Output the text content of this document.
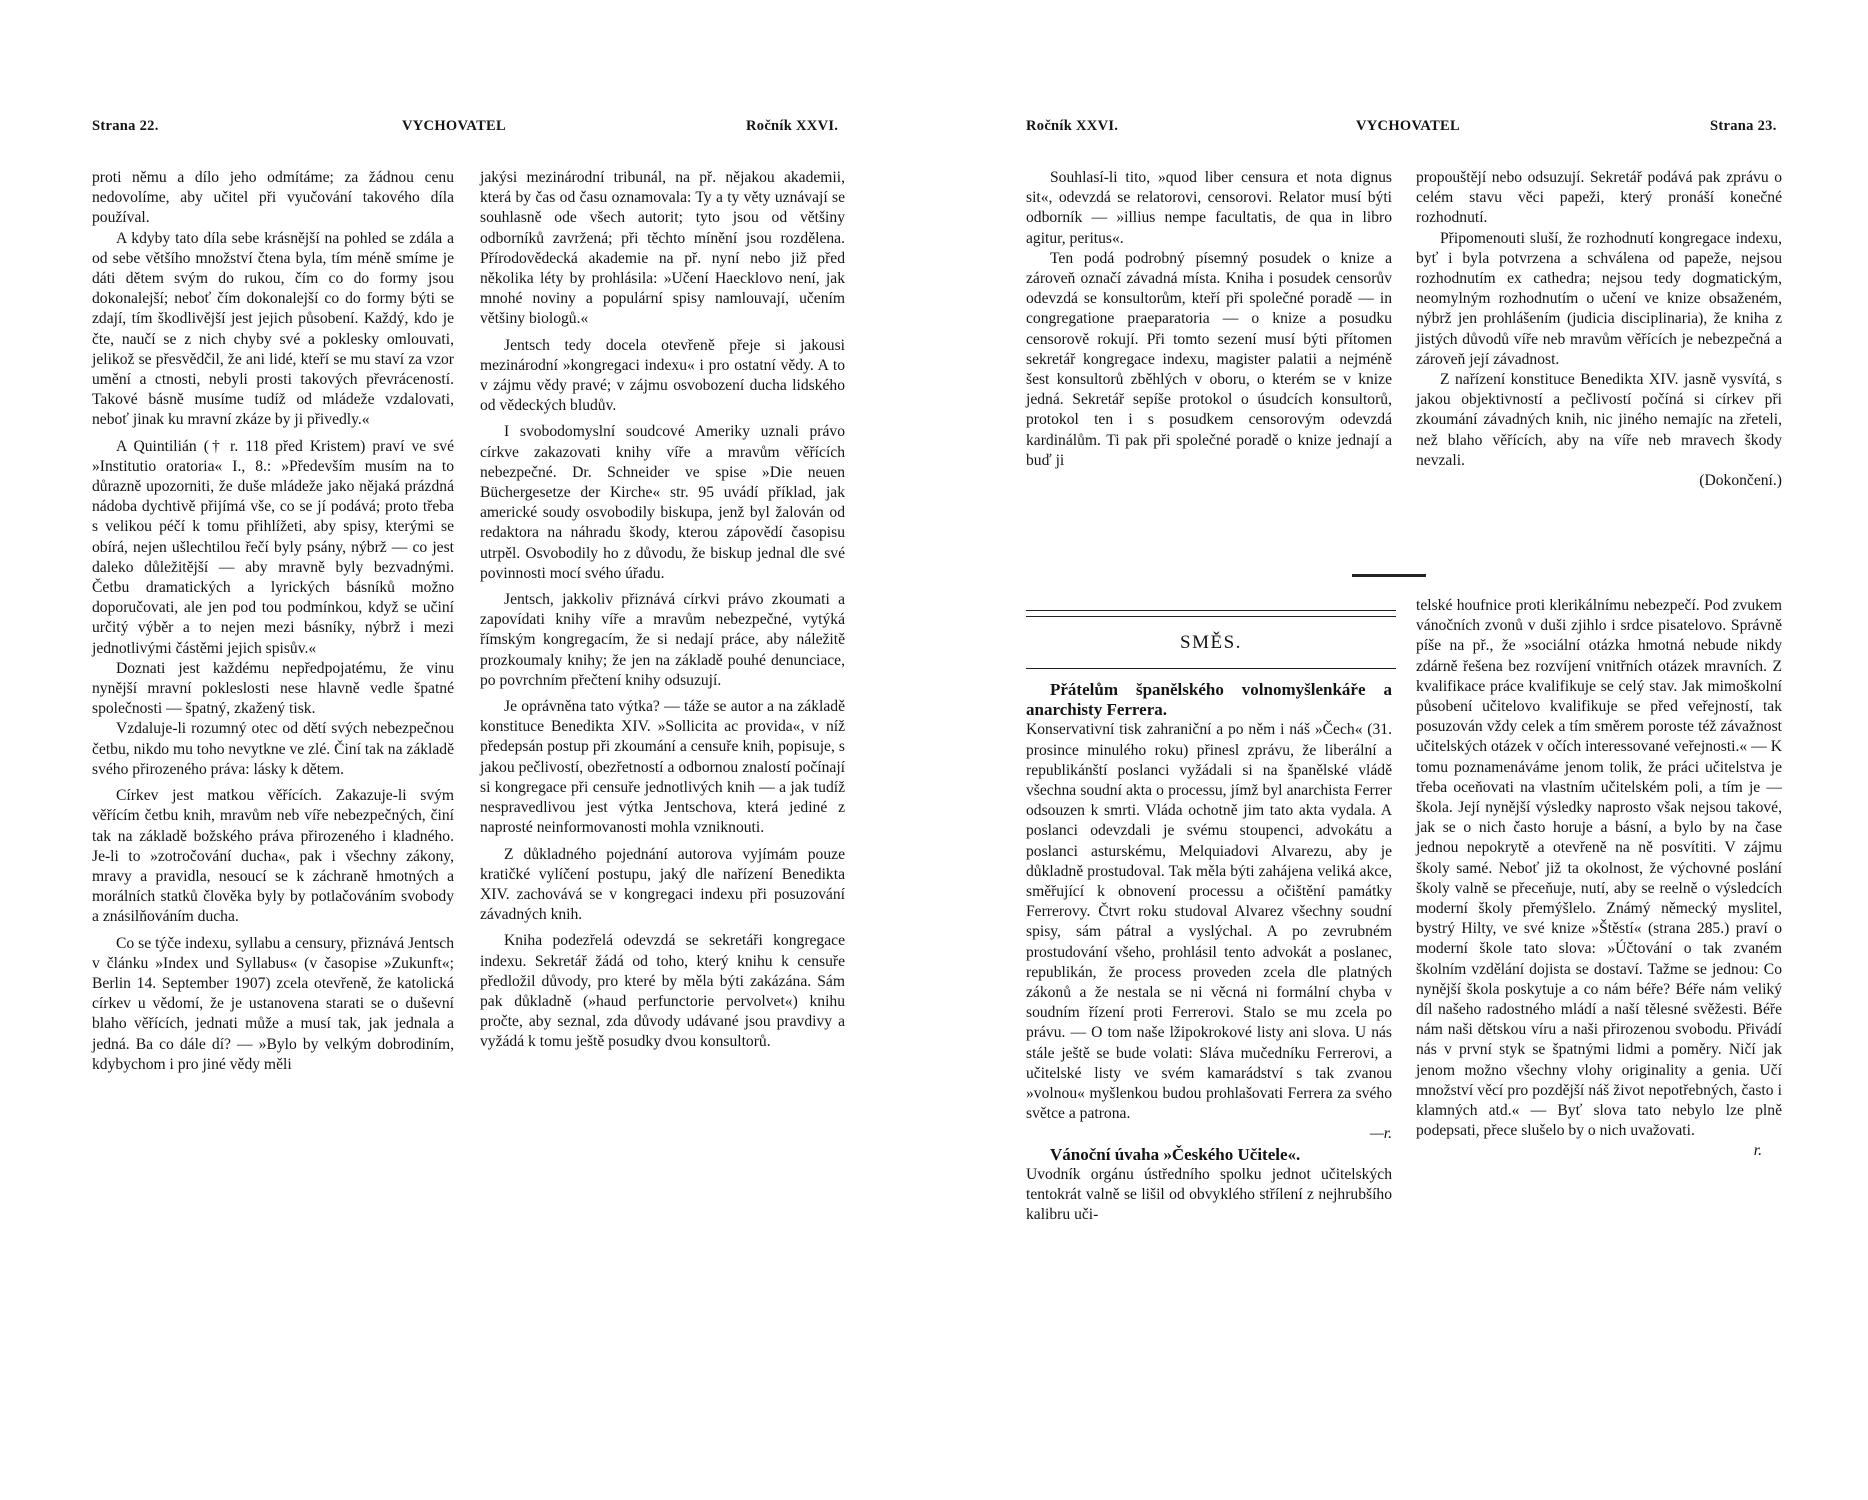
Strana 22.	VYCHOVATEL	Ročník XXVI.	Ročník XXVI.	VYCHOVATEL	Strana 23.

proti němu a dílo jeho odmítáme; za žádnou cenu nedovolíme, aby učitel při vyučování takového díla používal.

A kdyby tato díla sebe krásnější na pohled se zdála a od sebe většího množství čtena byla, tím méně smíme je dáti dětem svým do rukou, čím co do formy jsou dokonalejší; neboť čím dokonalejší co do formy býti se zdají, tím škodlivější jest jejich působení. Každý, kdo je čte, naučí se z nich chyby své a poklesky omlouvati, jelikož se přesvědčil, že ani lidé, kteří se mu staví za vzor umění a ctnosti, nebyli prosti takových převráceností. Takové básně musíme tudíž od mládeže vzdalovati, neboť jinak ku mravní zkáze by ji přivedly.«

A Quintilián († r. 118 před Kristem) praví ve své »Institutio oratoria« I., 8.: »Především musím na to důrazně upozorniti, že duše mládeže jako nějaká prázdná nádoba dychtivě přijímá vše, co se jí podává; proto třeba s velikou péčí k tomu přihlížeti, aby spisy, kterými se obírá, nejen ušlechtilou řečí byly psány, nýbrž — co jest daleko důležitější — aby mravně byly bezvadnými. Četbu dramatických a lyrických básníků možno doporučovati, ale jen pod tou podmínkou, když se učiní určitý výběr a to nejen mezi básníky, nýbrž i mezi jednotlivými částěmi jejich spisův.«

Doznati jest každému nepředpojatému, že vinu nynější mravní pokleslosti nese hlavně vedle špatné společnosti — špatný, zkažený tisk.

Vzdaluje-li rozumný otec od dětí svých nebezpečnou četbu, nikdo mu toho nevytkne ve zlé. Činí tak na základě svého přirozeného práva: lásky k dětem.

Církev jest matkou věřících. Zakazuje-li svým věřícím četbu knih, mravům neb víře nebezpečných, činí tak na základě božského práva přirozeného i kladného. Je-li to »zotročování ducha«, pak i všechny zákony, mravy a pravidla, nesoucí se k záchraně hmotných a morálních statků člověka byly by potlačováním svobody a znásilňováním ducha.

Co se týče indexu, syllabu a censury, přiznává Jentsch v článku »Index und Syllabus« (v časopise »Zukunft«; Berlin 14. September 1907) zcela otevřeně, že katolická církev u vědomí, že je ustanovena starati se o duševní blaho věřících, jednati může a musí tak, jak jednala a jedná. Ba co dále dí? — »Bylo by velkým dobrodiním, kdybychom i pro jiné vědy měli

jakýsi mezinárodní tribunál, na př. nějakou akademii, která by čas od času oznamovala: Ty a ty věty uznávají se souhlasně ode všech autorit; tyto jsou od většiny odborníků zavržená; při těchto mínění jsou rozdělena. Přírodovědecká akademie na př. nyní nebo již před několika léty by prohlásila: »Učení Haecklovo není, jak mnohé noviny a populární spisy namlouvají, učením většiny biologů.«

Jentsch tedy docela otevřeně přeje si jakousi mezinárodní »kongregaci indexu« i pro ostatní vědy. A to v zájmu vědy pravé; v zájmu osvobození ducha lidského od vědeckých bludův.

I svobodomyslní soudcové Ameriky uznali právo církve zakazovati knihy víře a mravům věřících nebezpečné. Dr. Schneider ve spise »Die neuen Büchergesetze der Kirche« str. 95 uvádí příklad, jak americké soudy osvobodily biskupa, jenž byl žalován od redaktora na náhradu škody, kterou zápovědí časopisu utrpěl. Osvobodily ho z důvodu, že biskup jednal dle své povinnosti mocí svého úřadu.

Jentsch, jakkoliv přiznává církvi právo zkoumati a zapovídati knihy víře a mravům nebezpečné, vytýká římským kongregacím, že si nedají práce, aby náležitě prozkoumaly knihy; že jen na základě pouhé denunciace, po povrchním přečtení knihy odsuzují.

Je oprávněna tato výtka? — táže se autor a na základě konstituce Benedikta XIV. »Sollicita ac provida«, v níž předepsán postup při zkoumání a censuře knih, popisuje, s jakou pečlivostí, obezřetností a odbornou znalostí počínají si kongregace při censuře jednotlivých knih — a jak tudíž nespravedlivou jest výtka Jentschova, která jediné z naprosté neinformovanosti mohla vzniknouti.

Z důkladného pojednání autorova vyjímám pouze kratičké vylíčení postupu, jaký dle nařízení Benedikta XIV. zachovává se v kongregaci indexu při posuzování závadných knih.

Kniha podezřelá odevzdá se sekretáři kongregace indexu. Sekretář žádá od toho, který knihu k censuře předložil důvody, pro které by měla býti zakázána. Sám pak důkladně (»haud perfunctorie pervolvet«) knihu pročte, aby seznal, zda důvody udávané jsou pravdivy a vyžádá k tomu ještě posudky dvou konsultorů.

Souhlasí-li tito, »quod liber censura et nota dignus sit«, odevzdá se relatorovi, censorovi. Relator musí býti odborník — »illius nempe facultatis, de qua in libro agitur, peritus«.

Ten podá podrobný písemný posudek o knize a zároveň označí závadná místa. Kniha i posudek censorův odevzdá se konsultorům, kteří při společné poradě — in congregatione praeparatoria — o knize a posudku censorově rokují. Při tomto sezení musí býti přítomen sekretář kongregace indexu, magister palatii a nejméně šest konsultorů zběhlých v oboru, o kterém se v knize jedná. Sekretář sepíše protokol o úsudcích konsultorů, protokol ten i s posudkem censorovým odevzdá kardinálům. Ti pak při společné poradě o knize jednají a buď ji

propouštějí nebo odsuzují. Sekretář podává pak zprávu o celém stavu věci papeži, který pronáší konečné rozhodnutí.

Připomenouti sluší, že rozhodnutí kongregace indexu, byť i byla potvrzena a schválena od papeže, nejsou rozhodnutím ex cathedra; nejsou tedy dogmatickým, neomylným rozhodnutím o učení ve knize obsaženém, nýbrž jen prohlášením (judicia disciplinaria), že kniha z jistých důvodů víře neb mravům věřících je nebezpečná a zároveň její závadnost.

Z nařízení konstituce Benedikta XIV. jasně vysvítá, s jakou objektivností a pečlivostí počíná si církev při zkoumání závadných knih, nic jiného nemajíc na zřeteli, než blaho věřících, aby na víře neb mravech škody nevzali.

(Dokončení.)

SMĚS.

Přátelům španělského volnomyšlenkáře a anarchisty Ferrera.

Konservativní tisk zahraniční a po něm i náš »Čech« (31. prosince minulého roku) přinesl zprávu, že liberální a republikánští poslanci vyžádali si na španělské vládě všechna soudní akta o processu, jímž byl anarchista Ferrer odsouzen k smrti. Vláda ochotně jim tato akta vydala. A poslanci odevzdali je svému stoupenci, advokátu a poslanci asturskému, Melquiadovi Alvarezu, aby je důkladně prostudoval. Tak měla býti zahájena veliká akce, směřující k obnovení processu a očištění památky Ferrerovy. Čtvrt roku studoval Alvarez všechny soudní spisy, sám pátral a vyslýchal. A po zevrubném prostudování všeho, prohlásil tento advokát a poslanec, republikán, že process proveden zcela dle platných zákonů a že nestala se ni věcná ni formální chyba v soudním řízení proti Ferrerovi. Stalo se mu zcela po právu. — O tom naše lžipokrokové listy ani slova. U nás stále ještě se bude volati: Sláva mučedníku Ferrerovi, a učitelské listy ve svém kamarádství s tak zvanou »volnou« myšlenkou budou prohlašovati Ferrera za svého světce a patrona.

—r.

Vánoční úvaha »Českého Učitele«.

Uvodník orgánu ústředního spolku jednot učitelských tentokrát valně se lišil od obvyklého střílení z nejhrubšího kalibru uči-

telské houfnice proti klerikálnímu nebezpečí. Pod zvukem vánočních zvonů v duši zjihlo i srdce pisatelovo. Správně píše na př., že »sociální otázka hmotná nebude nikdy zdárně řešena bez rozvíjení vnitřních otázek mravních. Z kvalifikace práce kvalifikuje se celý stav. Jak mimoškolní působení učitelovo kvalifikuje se před veřejností, tak posuzován vždy celek a tím směrem poroste též závažnost učitelských otázek v očích interessované veřejnosti.« — K tomu poznamenáváme jenom tolik, že práci učitelstva je třeba oceňovati na vlastním učitelském poli, a tím je — škola. Její nynější výsledky naprosto však nejsou takové, jak se o nich často horuje a básní, a bylo by na čase jednou nepokrytě a otevřeně na ně posvítiti. V zájmu školy samé. Neboť již ta okolnost, že výchovné poslání školy valně se přeceňuje, nutí, aby se reelně o výsledcích moderní školy přemýšlelo. Známý německý myslitel, bystrý Hilty, ve své knize »Štěstí« (strana 285.) praví o moderní škole tato slova: »Účtování o tak zvaném školním vzdělání dojista se dostaví. Tažme se jednou: Co nynější škola poskytuje a co nám béře? Béře nám veliký díl našeho radostného mládí a naší tělesné svěžesti. Béře nám naši dětskou víru a naši přirozenou svobodu. Přivádí nás v první styk se špatnými lidmi a poměry. Ničí jak jenom možno všechny vlohy originality a genia. Učí množství věcí pro pozdější náš život nepotřebných, často i klamných atd.« — Byť slova tato nebylo lze plně podepsati, přece slušelo by o nich uvažovati.

r.
